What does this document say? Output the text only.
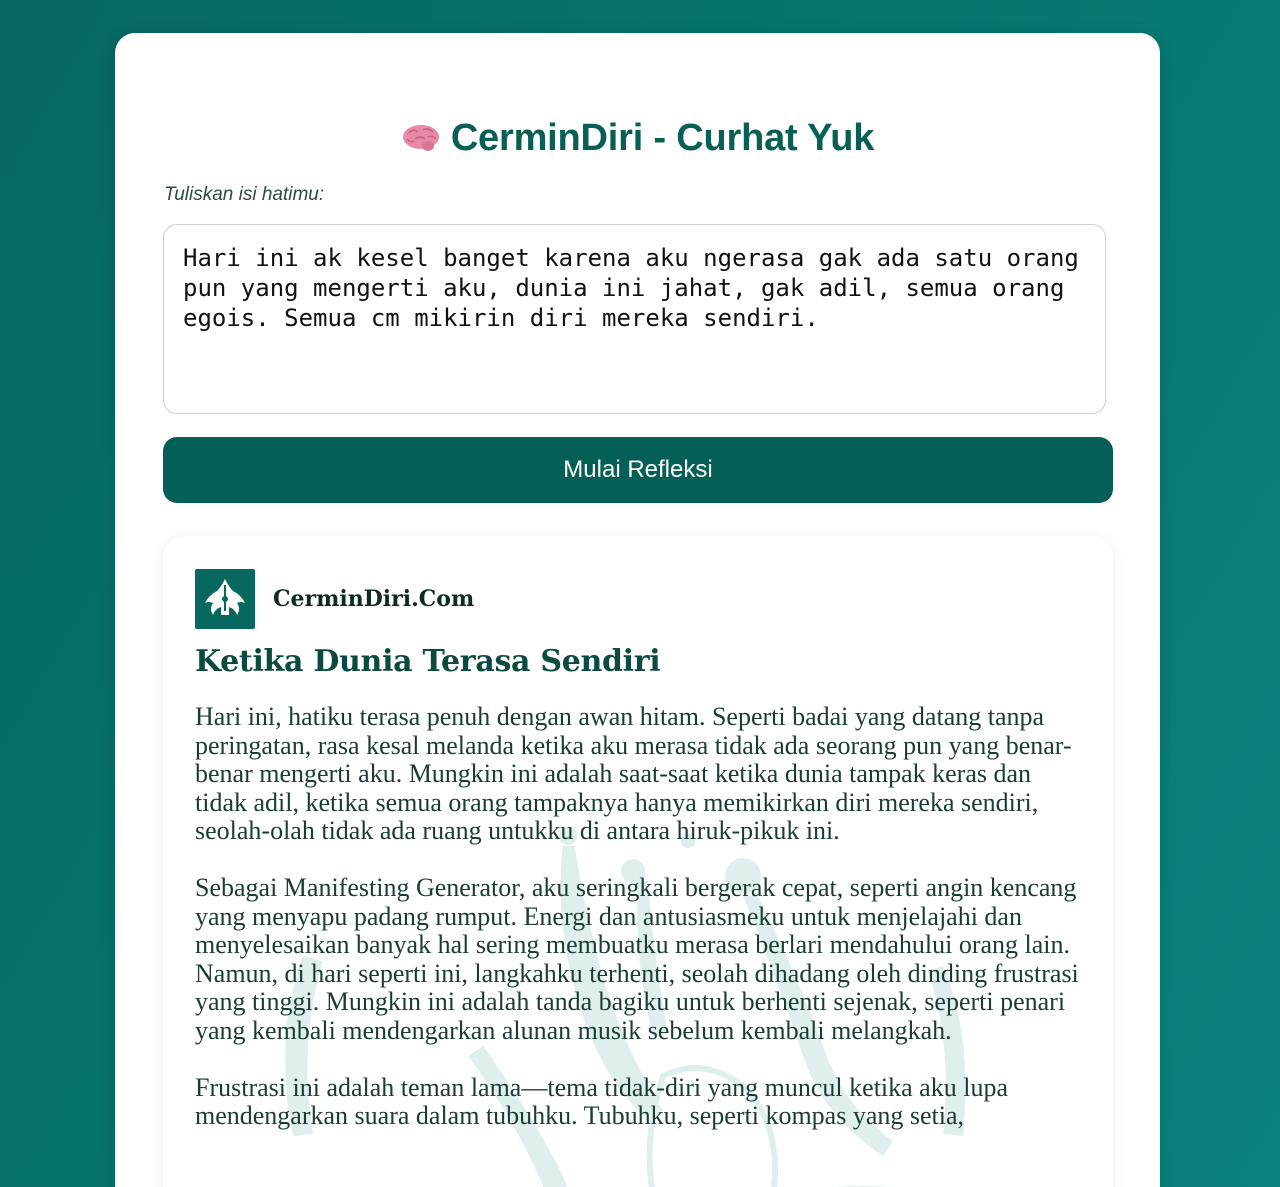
CerminDiri - Curhat Yuk
Tuliskan isi hatimu:
Hari ini ak kesel banget karena aku ngerasa gak ada satu orang pun yang mengerti aku, dunia ini jahat, gak adil, semua orang egois. Semua cm mikirin diri mereka sendiri.
Mulai Refleksi
CerminDiri.Com
Ketika Dunia Terasa Sendiri

Hari ini, hatiku terasa penuh dengan awan hitam. Seperti badai yang datang tanpa peringatan, rasa kesal melanda ketika aku merasa tidak ada seorang pun yang benar-benar mengerti aku. Mungkin ini adalah saat-saat ketika dunia tampak keras dan tidak adil, ketika semua orang tampaknya hanya memikirkan diri mereka sendiri, seolah-olah tidak ada ruang untukku di antara hiruk-pikuk ini.

Sebagai Manifesting Generator, aku seringkali bergerak cepat, seperti angin kencang yang menyapu padang rumput. Energi dan antusiasmeku untuk menjelajahi dan menyelesaikan banyak hal sering membuatku merasa berlari mendahului orang lain. Namun, di hari seperti ini, langkahku terhenti, seolah dihadang oleh dinding frustrasi yang tinggi. Mungkin ini adalah tanda bagiku untuk berhenti sejenak, seperti penari yang kembali mendengarkan alunan musik sebelum kembali melangkah.

Frustrasi ini adalah teman lama—tema tidak-diri yang muncul ketika aku lupa mendengarkan suara dalam tubuhku. Tubuhku, seperti kompas yang setia,
